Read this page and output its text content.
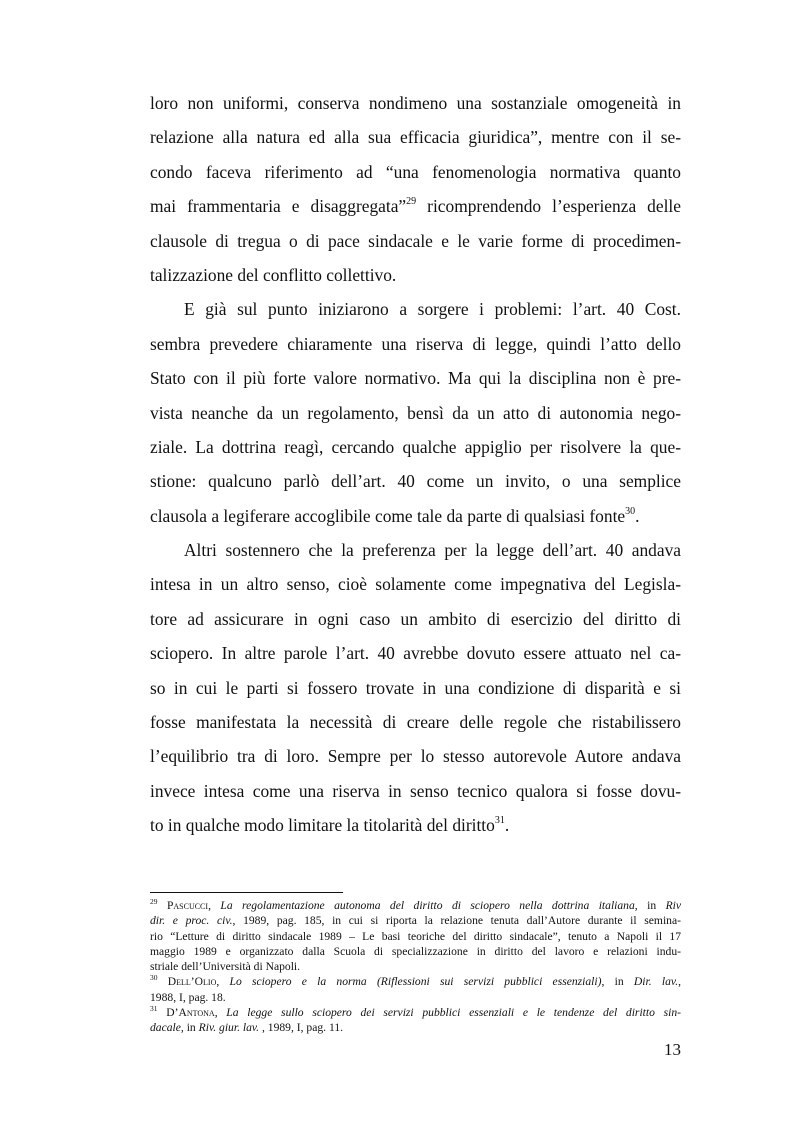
loro non uniformi, conserva nondimeno una sostanziale omogeneità in
relazione alla natura ed alla sua efficacia giuridica”, mentre con il se-
condo faceva riferimento ad “una fenomenologia normativa quanto
mai frammentaria e disaggregata”$^{29}$ ricomprendendo l’esperienza delle
clausole di tregua o di pace sindacale e le varie forme di procedimen-
talizzazione del conflitto collettivo.

E già sul punto iniziarono a sorgere i problemi: l’art. 40 Cost.
sembra prevedere chiaramente una riserva di legge, quindi l’atto dello
Stato con il più forte valore normativo. Ma qui la disciplina non è pre-
vista neanche da un regolamento, bensì da un atto di autonomia nego-
ziale. La dottrina reagì, cercando qualche appiglio per risolvere la que-
stione: qualcuno parlò dell’art. 40 come un invito, o una semplice
clausola a legiferare accoglibile come tale da parte di qualsiasi fonte$^{30}$.

Altri sostennero che la preferenza per la legge dell’art. 40 andava
intesa in un altro senso, cioè solamente come impegnativa del Legisla-
tore ad assicurare in ogni caso un ambito di esercizio del diritto di
sciopero. In altre parole l’art. 40 avrebbe dovuto essere attuato nel ca-
so in cui le parti si fossero trovate in una condizione di disparità e si
fosse manifestata la necessità di creare delle regole che ristabilissero
l’equilibrio tra di loro. Sempre per lo stesso autorevole Autore andava
invece intesa come una riserva in senso tecnico qualora si fosse dovu-
to in qualche modo limitare la titolarità del diritto$^{31}$.

$^{29}$ Pascucci, La regolamentazione autonoma del diritto di sciopero nella dottrina italiana, in Riv
dir. e proc. civ., 1989, pag. 185, in cui si riporta la relazione tenuta dall’Autore durante il semina-
rio “Letture di diritto sindacale 1989 – Le basi teoriche del diritto sindacale”, tenuto a Napoli il 17
maggio 1989 e organizzato dalla Scuola di specializzazione in diritto del lavoro e relazioni indu-
striale dell’Università di Napoli.
$^{30}$ Dell’Olio, Lo sciopero e la norma (Riflessioni sui servizi pubblici essenziali), in Dir. lav.,
1988, I, pag. 18.
$^{31}$ D’Antona, La legge sullo sciopero dei servizi pubblici essenziali e le tendenze del diritto sin-
dacale, in Riv. giur. lav. , 1989, I, pag. 11.
13
